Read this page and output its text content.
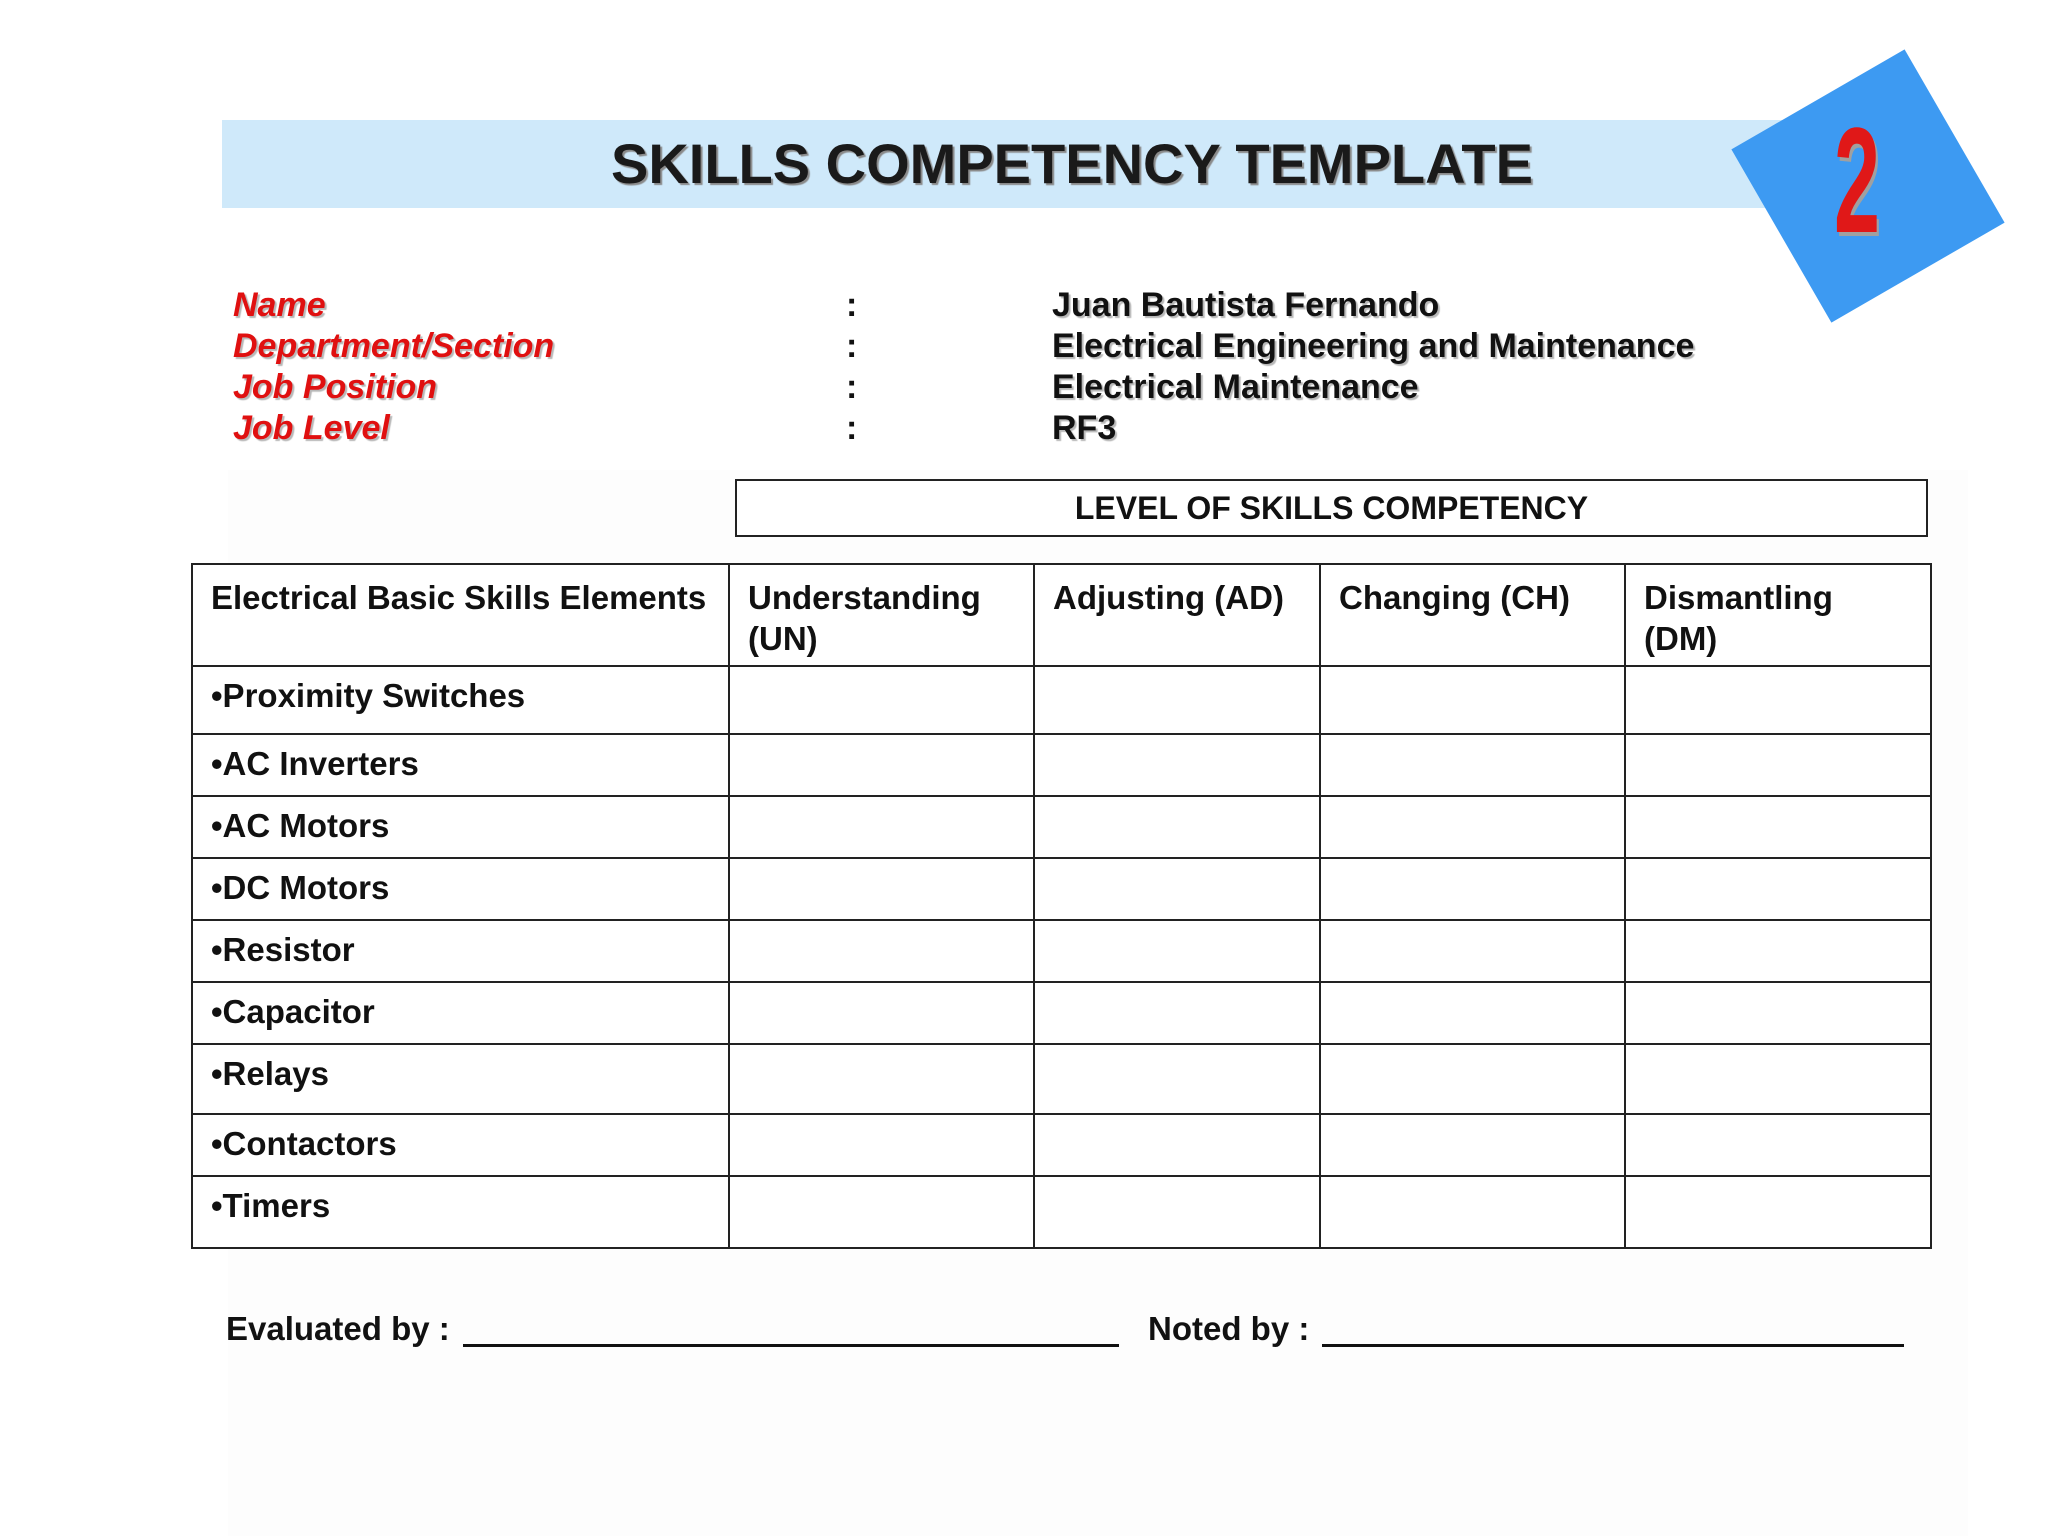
SKILLS COMPETENCY TEMPLATE	2
Name	:	Juan Bautista Fernando
Department/Section	:	Electrical Engineering and Maintenance
Job Position	:	Electrical Maintenance
Job Level	:	RF3
LEVEL OF SKILLS COMPETENCY
Electrical Basic Skills Elements	Understanding (UN)	Adjusting (AD)	Changing (CH)	Dismantling (DM)
•Proximity Switches				
•AC Inverters				
•AC Motors				
•DC Motors				
•Resistor				
•Capacitor				
•Relays				
•Contactors				
•Timers				
Evaluated by :	Noted by :
